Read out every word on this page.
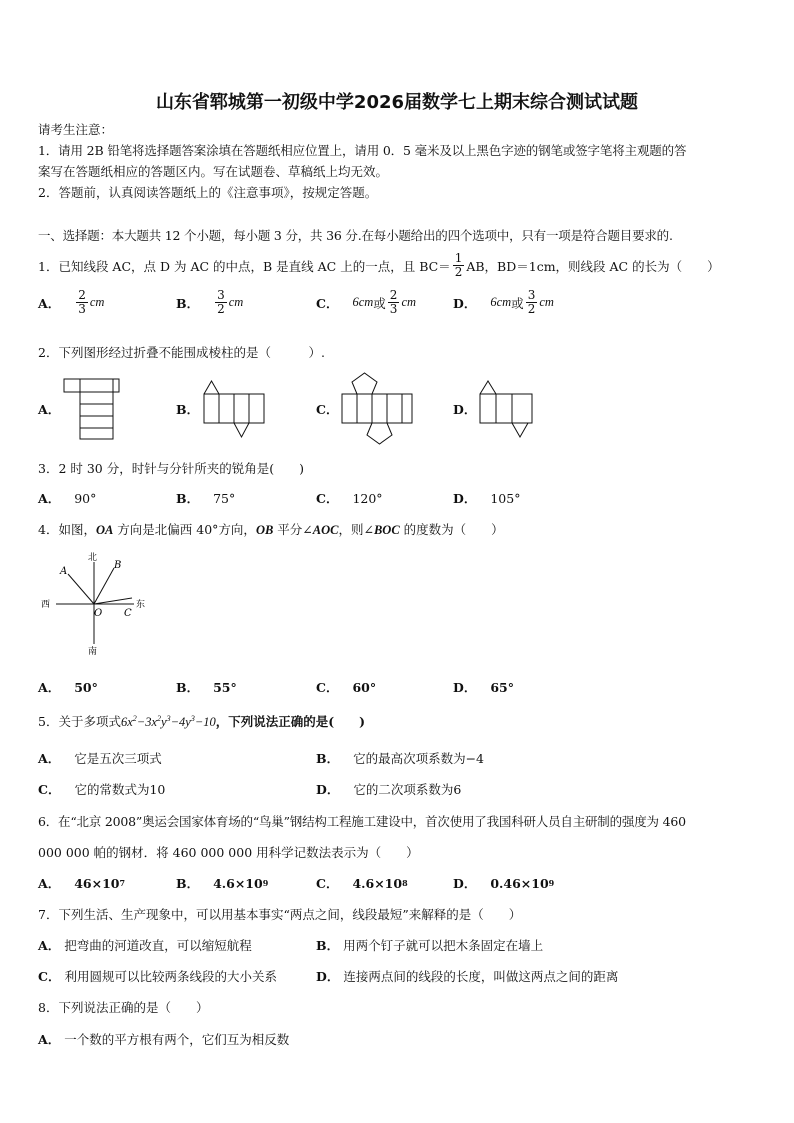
山东省郓城第一初级中学2026届数学七上期末综合测试试题
请考生注意：
1．请用 2B 铅笔将选择题答案涂填在答题纸相应位置上，请用 0．5 毫米及以上黑色字迹的钢笔或签字笔将主观题的答
案写在答题纸相应的答题区内。写在试题卷、草稿纸上均无效。
2．答题前，认真阅读答题纸上的《注意事项》，按规定答题。
一、选择题：本大题共 12 个小题，每小题 3 分，共 36 分.在每小题给出的四个选项中，只有一项是符合题目要求的.
1．已知线段 AC，点 D 为 AC 的中点，B 是直线 AC 上的一点，且 $BC= \frac{1}{2}$ AB，BD＝1cm，则线段 AC 的长为（　　）
A． $\frac{2}{3}$ cm	B． $\frac{3}{2}$ cm	C． 6cm 或 $\frac{2}{3}$ cm	D． 6cm 或 $\frac{3}{2}$ cm
2．下列图形经过折叠不能围成棱柱的是（　　　）.
A．	B．	C．	D．
3．2 时 30 分，时针与分针所夹的锐角是(　　)
A． 90°	B． 75°	C． 120°	D． 105°
4．如图，OA 方向是北偏西 40°方向，OB 平分∠AOC，则∠BOC 的度数为（　　）
北
南
西	东
A
B
O C
A． 50°	B． 55°	C． 60°	D． 65°
5．关于多项式$6x^2-3x^2y^3-4y^3-10$，下列说法正确的是(　　)
A． 它是五次三项式	B． 它的最高次项系数为−4
C． 它的常数式为10	D． 它的二次项系数为6
6．在“北京 2008”奥运会国家体育场的“鸟巢”钢结构工程施工建设中，首次使用了我国科研人员自主研制的强度为 460
000 000 帕的钢材．将 460 000 000 用科学记数法表示为（　　）
A． 46×10 7	B． 4.6×10 9	C． 4.6×10 8	D． 0.46×10 9
7．下列生活、生产现象中，可以用基本事实“两点之间，线段最短”来解释的是（　　）
A． 把弯曲的河道改直，可以缩短航程	B． 用两个钉子就可以把木条固定在墙上
C． 利用圆规可以比较两条线段的大小关系	D． 连接两点间的线段的长度，叫做这两点之间的距离
8．下列说法正确的是（　　）
A． 一个数的平方根有两个，它们互为相反数
